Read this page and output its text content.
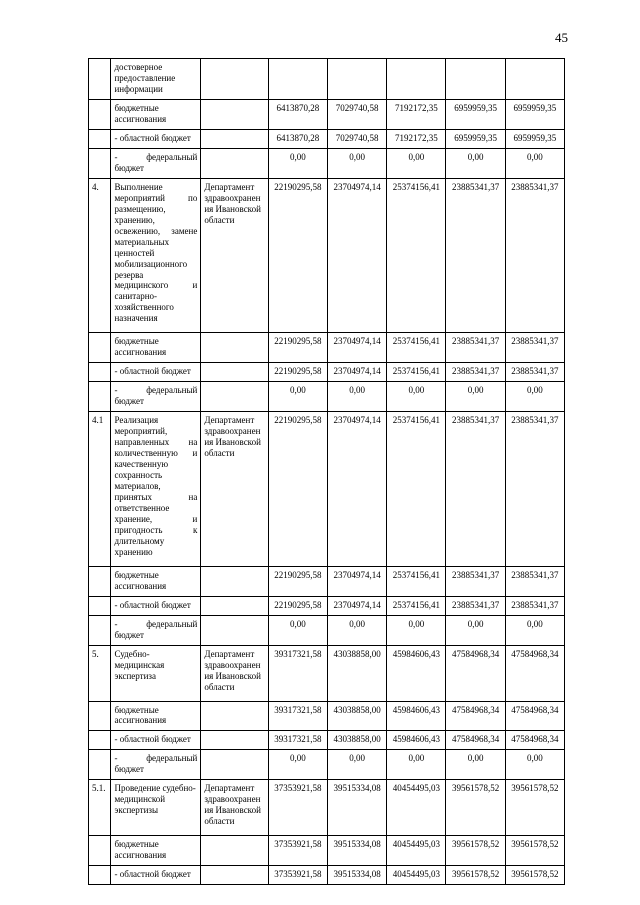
45
	достоверное предоставление информации						
	бюджетные ассигнования		6413870,28	7029740,58	7192172,35	6959959,35	6959959,35
	- областной бюджет		6413870,28	7029740,58	7192172,35	6959959,35	6959959,35
	- федеральный бюджет		0,00	0,00	0,00	0,00	0,00
4.	Выполнение мероприятий по размещению, хранению, освежению, замене материальных ценностей мобилизационного резерва медицинского и санитарно-хозяйственного назначения	Департамент здравоохранения Ивановской области	22190295,58	23704974,14	25374156,41	23885341,37	23885341,37
	бюджетные ассигнования		22190295,58	23704974,14	25374156,41	23885341,37	23885341,37
	- областной бюджет		22190295,58	23704974,14	25374156,41	23885341,37	23885341,37
	- федеральный бюджет		0,00	0,00	0,00	0,00	0,00
4.1	Реализация мероприятий, направленных на количественную и качественную сохранность материалов, принятых на ответственное хранение, и пригодность к длительному хранению	Департамент здравоохранения Ивановской области	22190295,58	23704974,14	25374156,41	23885341,37	23885341,37
	бюджетные ассигнования		22190295,58	23704974,14	25374156,41	23885341,37	23885341,37
	- областной бюджет		22190295,58	23704974,14	25374156,41	23885341,37	23885341,37
	- федеральный бюджет		0,00	0,00	0,00	0,00	0,00
5.	Судебно-медицинская экспертиза	Департамент здравоохранения Ивановской области	39317321,58	43038858,00	45984606,43	47584968,34	47584968,34
	бюджетные ассигнования		39317321,58	43038858,00	45984606,43	47584968,34	47584968,34
	- областной бюджет		39317321,58	43038858,00	45984606,43	47584968,34	47584968,34
	- федеральный бюджет		0,00	0,00	0,00	0,00	0,00
5.1.	Проведение судебно-медицинской экспертизы	Департамент здравоохранения Ивановской области	37353921,58	39515334,08	40454495,03	39561578,52	39561578,52
	бюджетные ассигнования		37353921,58	39515334,08	40454495,03	39561578,52	39561578,52
	- областной бюджет		37353921,58	39515334,08	40454495,03	39561578,52	39561578,52
